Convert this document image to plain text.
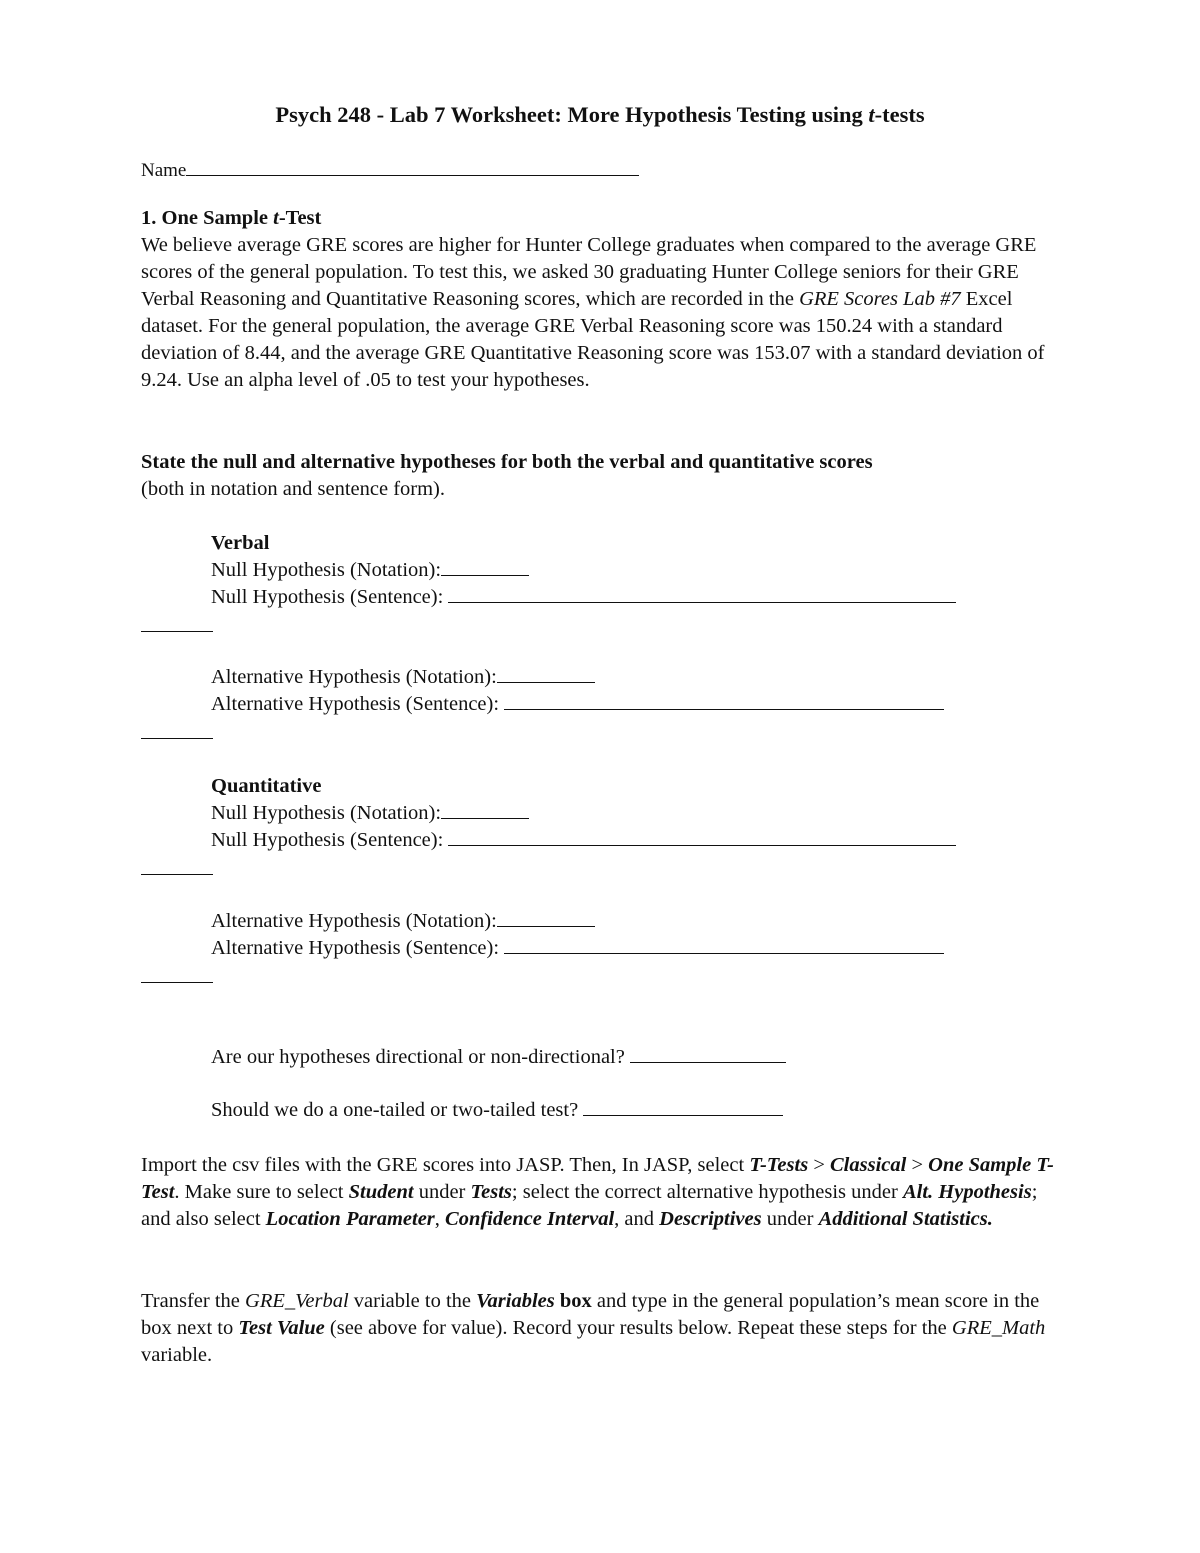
Psych 248 - Lab 7 Worksheet: More Hypothesis Testing using t-tests
Name
1. One Sample t-Test

We believe average GRE scores are higher for Hunter College graduates when compared to the average GRE scores of the general population. To test this, we asked 30 graduating Hunter College seniors for their GRE Verbal Reasoning and Quantitative Reasoning scores, which are recorded in the GRE Scores Lab #7 Excel dataset. For the general population, the average GRE Verbal Reasoning score was 150.24 with a standard deviation of 8.44, and the average GRE Quantitative Reasoning score was 153.07 with a standard deviation of 9.24. Use an alpha level of .05 to test your hypotheses.

State the null and alternative hypotheses for both the verbal and quantitative scores
(both in notation and sentence form).

Verbal
Null Hypothesis (Notation):
Null Hypothesis (Sentence):
Alternative Hypothesis (Notation):
Alternative Hypothesis (Sentence):
Quantitative
Null Hypothesis (Notation):
Null Hypothesis (Sentence):
Alternative Hypothesis (Notation):
Alternative Hypothesis (Sentence):
Are our hypotheses directional or non-directional?
Should we do a one-tailed or two-tailed test?

Import the csv files with the GRE scores into JASP. Then, In JASP, select T-Tests > Classical > One Sample T-Test. Make sure to select Student under Tests; select the correct alternative hypothesis under Alt. Hypothesis; and also select Location Parameter, Confidence Interval, and Descriptives under Additional Statistics.

Transfer the GRE_Verbal variable to the Variables box and type in the general population’s mean score in the box next to Test Value (see above for value). Record your results below. Repeat these steps for the GRE_Math variable.
